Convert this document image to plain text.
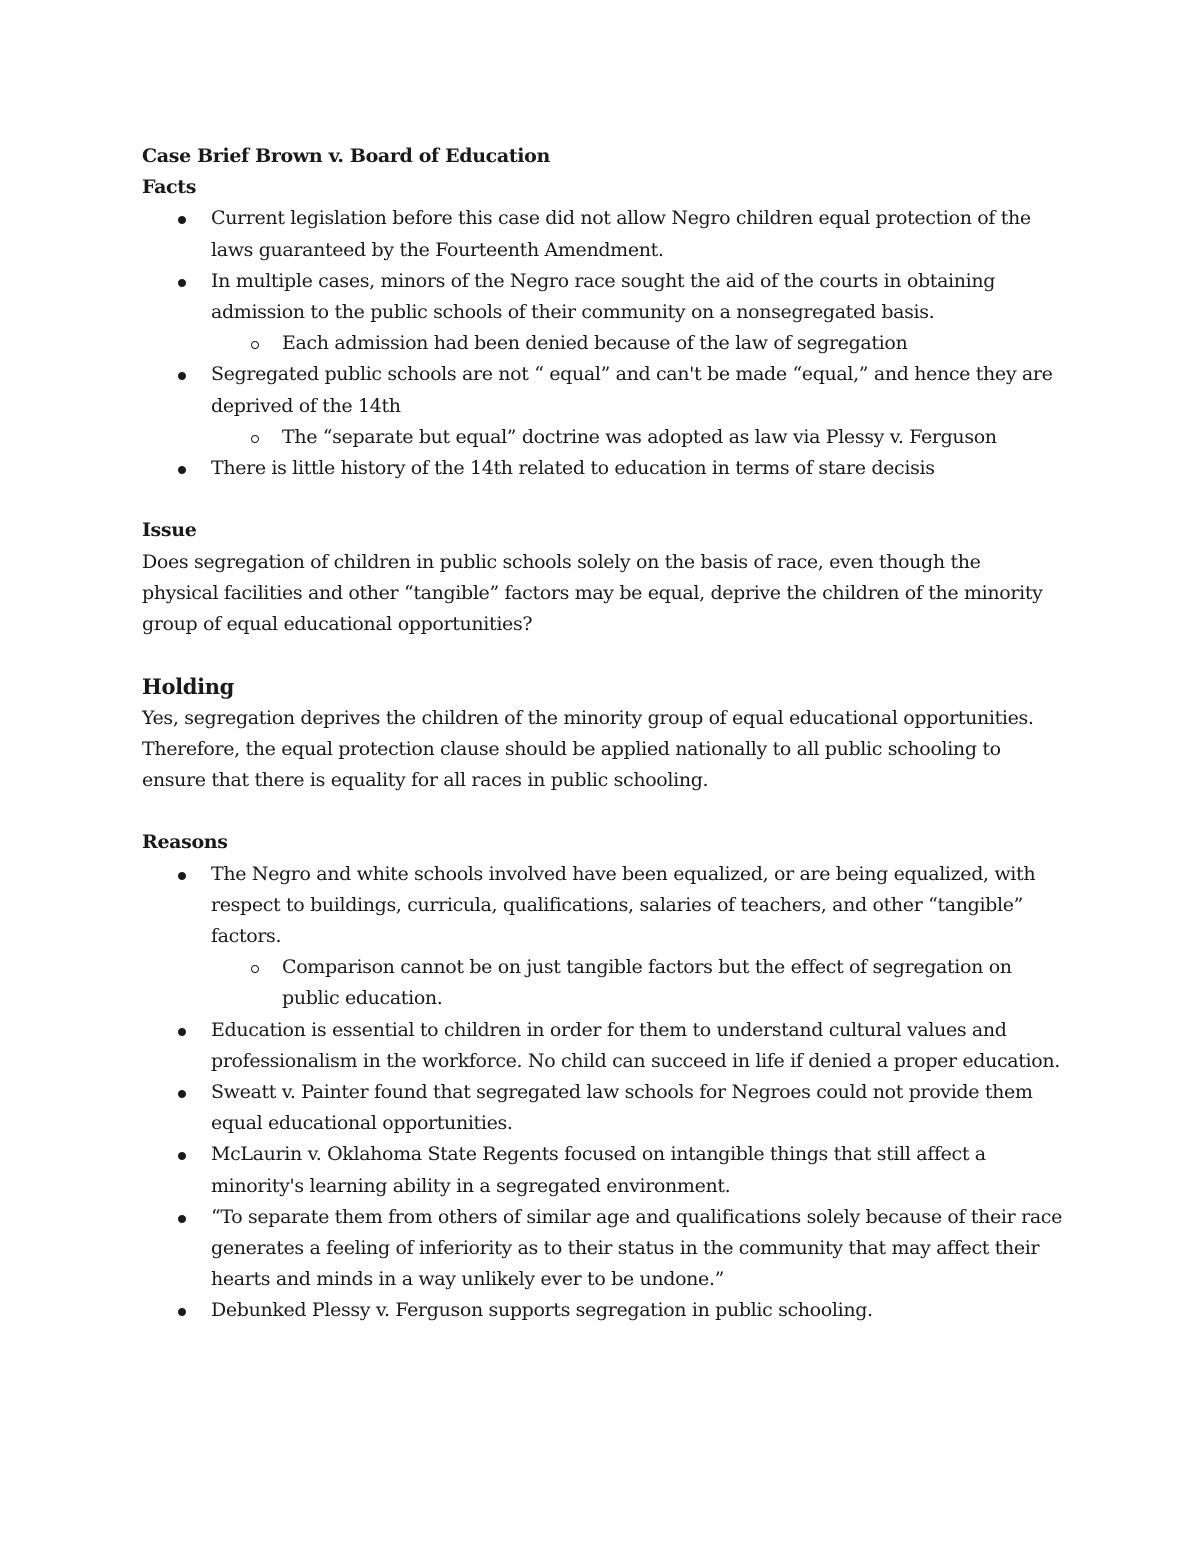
Case Brief Brown v. Board of Education

Facts

Current legislation before this case did not allow Negro children equal protection of the laws guaranteed by the Fourteenth Amendment.
In multiple cases, minors of the Negro race sought the aid of the courts in obtaining admission to the public schools of their community on a nonsegregated basis.
Each admission had been denied because of the law of segregation
Segregated public schools are not “ equal” and can't be made “equal,” and hence they are deprived of the 14th
The “separate but equal” doctrine was adopted as law via Plessy v. Ferguson
There is little history of the 14th related to education in terms of stare decisis

Issue

Does segregation of children in public schools solely on the basis of race, even though the physical facilities and other “tangible” factors may be equal, deprive the children of the minority group of equal educational opportunities?

Holding

Yes, segregation deprives the children of the minority group of equal educational opportunities. Therefore, the equal protection clause should be applied nationally to all public schooling to ensure that there is equality for all races in public schooling.

Reasons

The Negro and white schools involved have been equalized, or are being equalized, with respect to buildings, curricula, qualifications, salaries of teachers, and other “tangible” factors.
Comparison cannot be on just tangible factors but the effect of segregation on public education.
Education is essential to children in order for them to understand cultural values and professionalism in the workforce. No child can succeed in life if denied a proper education.
Sweatt v. Painter found that segregated law schools for Negroes could not provide them equal educational opportunities.
McLaurin v. Oklahoma State Regents focused on intangible things that still affect a minority's learning ability in a segregated environment.
“To separate them from others of similar age and qualifications solely because of their race generates a feeling of inferiority as to their status in the community that may affect their hearts and minds in a way unlikely ever to be undone.”
Debunked Plessy v. Ferguson supports segregation in public schooling.
